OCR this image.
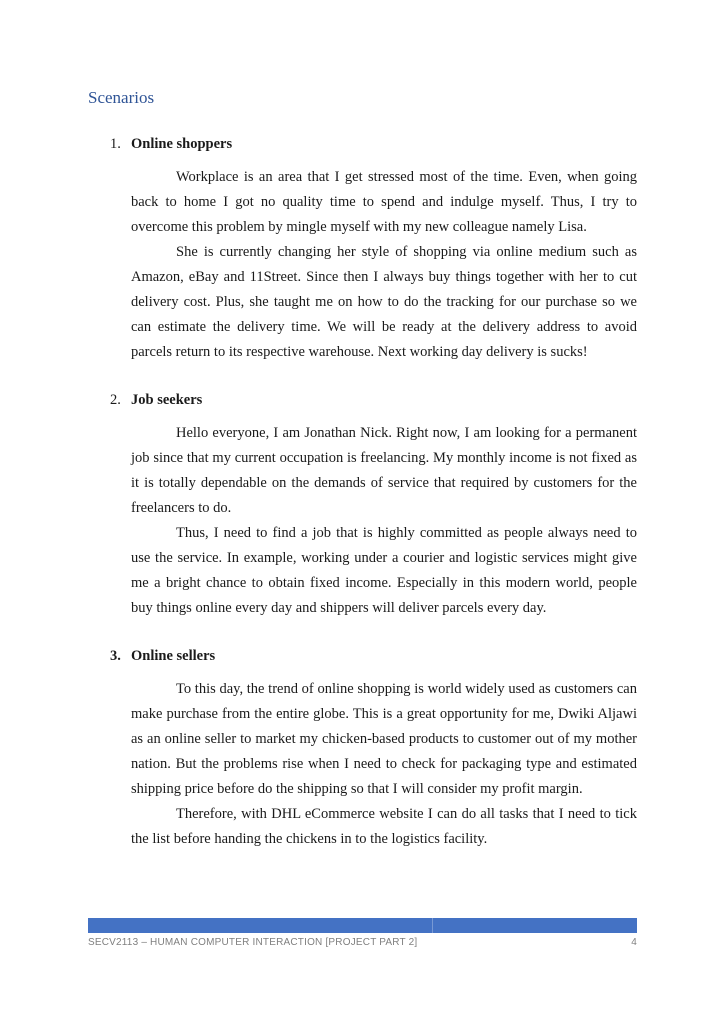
Scenarios
1. Online shoppers

Workplace is an area that I get stressed most of the time. Even, when going back to home I got no quality time to spend and indulge myself. Thus, I try to overcome this problem by mingle myself with my new colleague namely Lisa.

She is currently changing her style of shopping via online medium such as Amazon, eBay and 11Street. Since then I always buy things together with her to cut delivery cost. Plus, she taught me on how to do the tracking for our purchase so we can estimate the delivery time. We will be ready at the delivery address to avoid parcels return to its respective warehouse. Next working day delivery is sucks!

2. Job seekers

Hello everyone, I am Jonathan Nick. Right now, I am looking for a permanent job since that my current occupation is freelancing. My monthly income is not fixed as it is totally dependable on the demands of service that required by customers for the freelancers to do.

Thus, I need to find a job that is highly committed as people always need to use the service. In example, working under a courier and logistic services might give me a bright chance to obtain fixed income. Especially in this modern world, people buy things online every day and shippers will deliver parcels every day.

3. Online sellers

To this day, the trend of online shopping is world widely used as customers can make purchase from the entire globe. This is a great opportunity for me, Dwiki Aljawi as an online seller to market my chicken-based products to customer out of my mother nation. But the problems rise when I need to check for packaging type and estimated shipping price before do the shipping so that I will consider my profit margin.

Therefore, with DHL eCommerce website I can do all tasks that I need to tick the list before handing the chickens in to the logistics facility.

SECV2113 – HUMAN COMPUTER INTERACTION [PROJECT PART 2]	4
